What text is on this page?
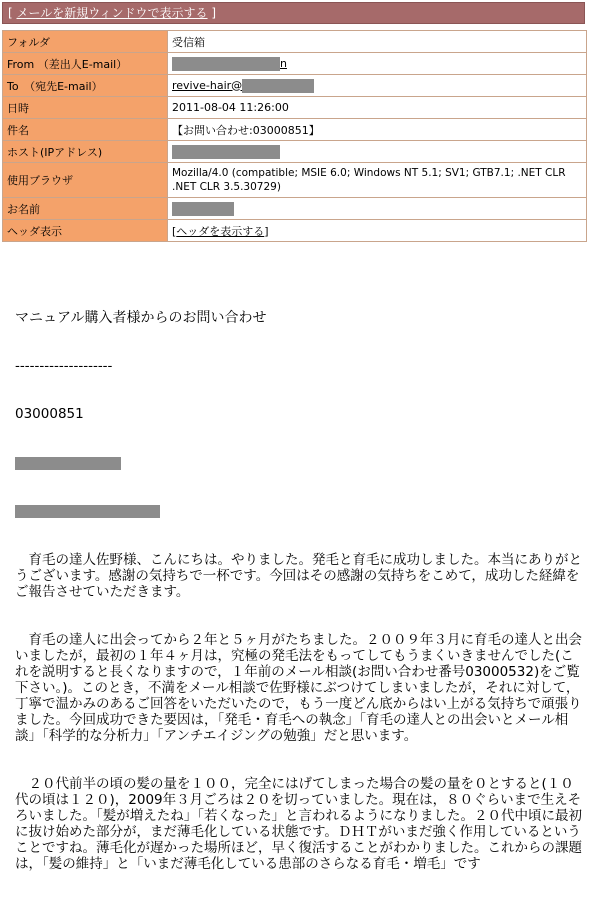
[ メールを新規ウィンドウで表示する ]
フォルダ	受信箱
From （差出人E-mail）	n
To　（宛先E-mail）	revive-hair@
日時	2011-08-04 11:26:00
件名	【お問い合わせ:03000851】
ホスト(IPアドレス)	
使用ブラウザ	Mozilla/4.0 (compatible; MSIE 6.0; Windows NT 5.1; SV1; GTB7.1; .NET CLR .NET CLR 3.5.30729)
お名前	
ヘッダ表示	[ヘッダを表示する]

マニュアル購入者様からのお問い合わせ

--------------------

03000851

　育毛の達人佐野様、こんにちは。やりました。発毛と育毛に成功しました。本当にありがとうございます。感謝の気持ちで一杯です。今回はその感謝の気持ちをこめて，成功した経緯をご報告させていただきます。

　育毛の達人に出会ってから２年と５ヶ月がたちました。２００９年３月に育毛の達人と出会いましたが，最初の１年４ヶ月は，究極の発毛法をもってしてもうまくいきませんでした(これを説明すると長くなりますので，１年前のメール相談(お問い合わせ番号03000532)をご覧下さい。)。このとき，不満をメール相談で佐野様にぶつけてしまいましたが，それに対して，丁寧で温かみのあるご回答をいただいたので，もう一度どん底からはい上がる気持ちで頑張りました。今回成功できた要因は，「発毛・育毛への執念」「育毛の達人との出会いとメール相談」「科学的な分析力」「アンチエイジングの勉強」だと思います。

　２０代前半の頃の髪の量を１００，完全にはげてしまった場合の髪の量を０とすると(１０代の頃は１２０)，2009年３月ごろは２０を切っていました。現在は，８０ぐらいまで生えそろいました。「髪が増えたね」「若くなった」と言われるようになりました。２０代中頃に最初に抜け始めた部分が，まだ薄毛化している状態です。ＤＨＴがいまだ強く作用しているということですね。薄毛化が遅かった場所ほど，早く復活することがわかりました。これからの課題は，「髪の維持」と「いまだ薄毛化している患部のさらなる育毛・増毛」です
